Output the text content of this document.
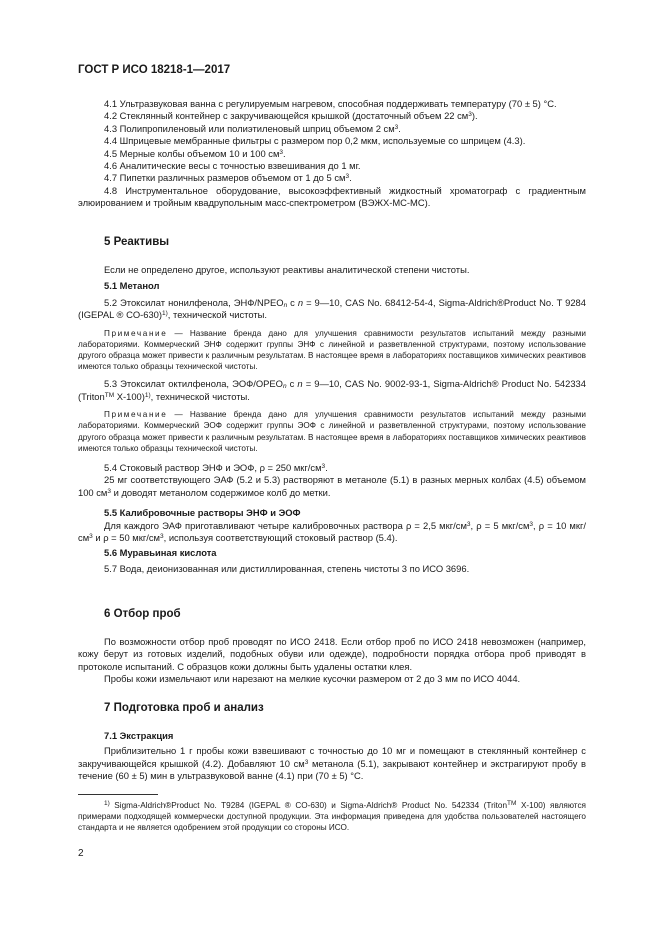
ГОСТ Р ИСО 18218-1—2017

4.1 Ультразвуковая ванна с регулируемым нагревом, способная поддерживать температуру (70 ± 5) °С.

4.2 Стеклянный контейнер с закручивающейся крышкой (достаточный объем 22 $см^3$).

4.3 Полипропиленовый или полиэтиленовый шприц объемом 2 $см^3$.

4.4 Шприцевые мембранные фильтры с размером пор 0,2 мкм, используемые со шприцем (4.3).

4.5 Мерные колбы объемом 10 и 100 $см^3$.

4.6 Аналитические весы с точностью взвешивания до 1 мг.

4.7 Пипетки различных размеров объемом от 1 до 5 $см^3$.

4.8 Инструментальное оборудование, высокоэффективный жидкостный хроматограф с градиентным элюированием и тройным квадрупольным масс-спектрометром (ВЭЖХ-МС-МС).

5 Реактивы

Если не определено другое, используют реактивы аналитической степени чистоты.

5.1 Метанол

5.2 Этоксилат нонилфенола, ЭНФ/$NPEO_n$ с n = 9—10, CAS No. 68412-54-4, Sigma-Aldrich®Product No. T 9284 (IGEPAL ® CO-630)$^{1)}$, технической чистоты.

Примечание — Название бренда дано для улучшения сравнимости результатов испытаний между разными лабораториями. Коммерческий ЭНФ содержит группы ЭНФ с линейной и разветвленной структурами, поэтому использование другого образца может привести к различным результатам. В настоящее время в лабораториях поставщиков химических реактивов имеются только образцы технической чистоты.

5.3 Этоксилат октилфенола, ЭОФ/$OPEO_n$ с n = 9—10, CAS No. 9002-93-1, Sigma-Aldrich® Product No. 542334 (Triton™ X-100)$^{1)}$, технической чистоты.

Примечание — Название бренда дано для улучшения сравнимости результатов испытаний между разными лабораториями. Коммерческий ЭОФ содержит группы ЭОФ с линейной и разветвленной структурами, поэтому использование другого образца может привести к различным результатам. В настоящее время в лабораториях поставщиков химических реактивов имеются только образцы технической чистоты.

5.4 Стоковый раствор ЭНФ и ЭОФ, ρ = 250 мкг/$см^3$.

25 мг соответствующего ЭАФ (5.2 и 5.3) растворяют в метаноле (5.1) в разных мерных колбах (4.5) объемом 100 $см^3$ и доводят метанолом содержимое колб до метки.

5.5 Калибровочные растворы ЭНФ и ЭОФ

Для каждого ЭАФ приготавливают четыре калибровочных раствора ρ = 2,5 мкг/$см^3$, ρ = 5 мкг/$см^3$, ρ = 10 мкг/$см^3$ и ρ = 50 мкг/$см^3$, используя соответствующий стоковый раствор (5.4).

5.6 Муравьиная кислота

5.7 Вода, деионизованная или дистиллированная, степень чистоты 3 по ИСО 3696.

6 Отбор проб

По возможности отбор проб проводят по ИСО 2418. Если отбор проб по ИСО 2418 невозможен (например, кожу берут из готовых изделий, подобных обуви или одежде), подробности порядка отбора проб приводят в протоколе испытаний. С образцов кожи должны быть удалены остатки клея.

Пробы кожи измельчают или нарезают на мелкие кусочки размером от 2 до 3 мм по ИСО 4044.

7 Подготовка проб и анализ

7.1 Экстракция

Приблизительно 1 г пробы кожи взвешивают с точностью до 10 мг и помещают в стеклянный контейнер с закручивающейся крышкой (4.2). Добавляют 10 $см^3$ метанола (5.1), закрывают контейнер и экстрагируют пробу в течение (60 ± 5) мин в ультразвуковой ванне (4.1) при (70 ± 5) °С.

$^{1)}$ Sigma-Aldrich®Product No. T9284 (IGEPAL ® CO-630) и Sigma-Aldrich® Product No. 542334 (Triton™ X-100) являются примерами подходящей коммерчески доступной продукции. Эта информация приведена для удобства пользователей настоящего стандарта и не является одобрением этой продукции со стороны ИСО.

2
